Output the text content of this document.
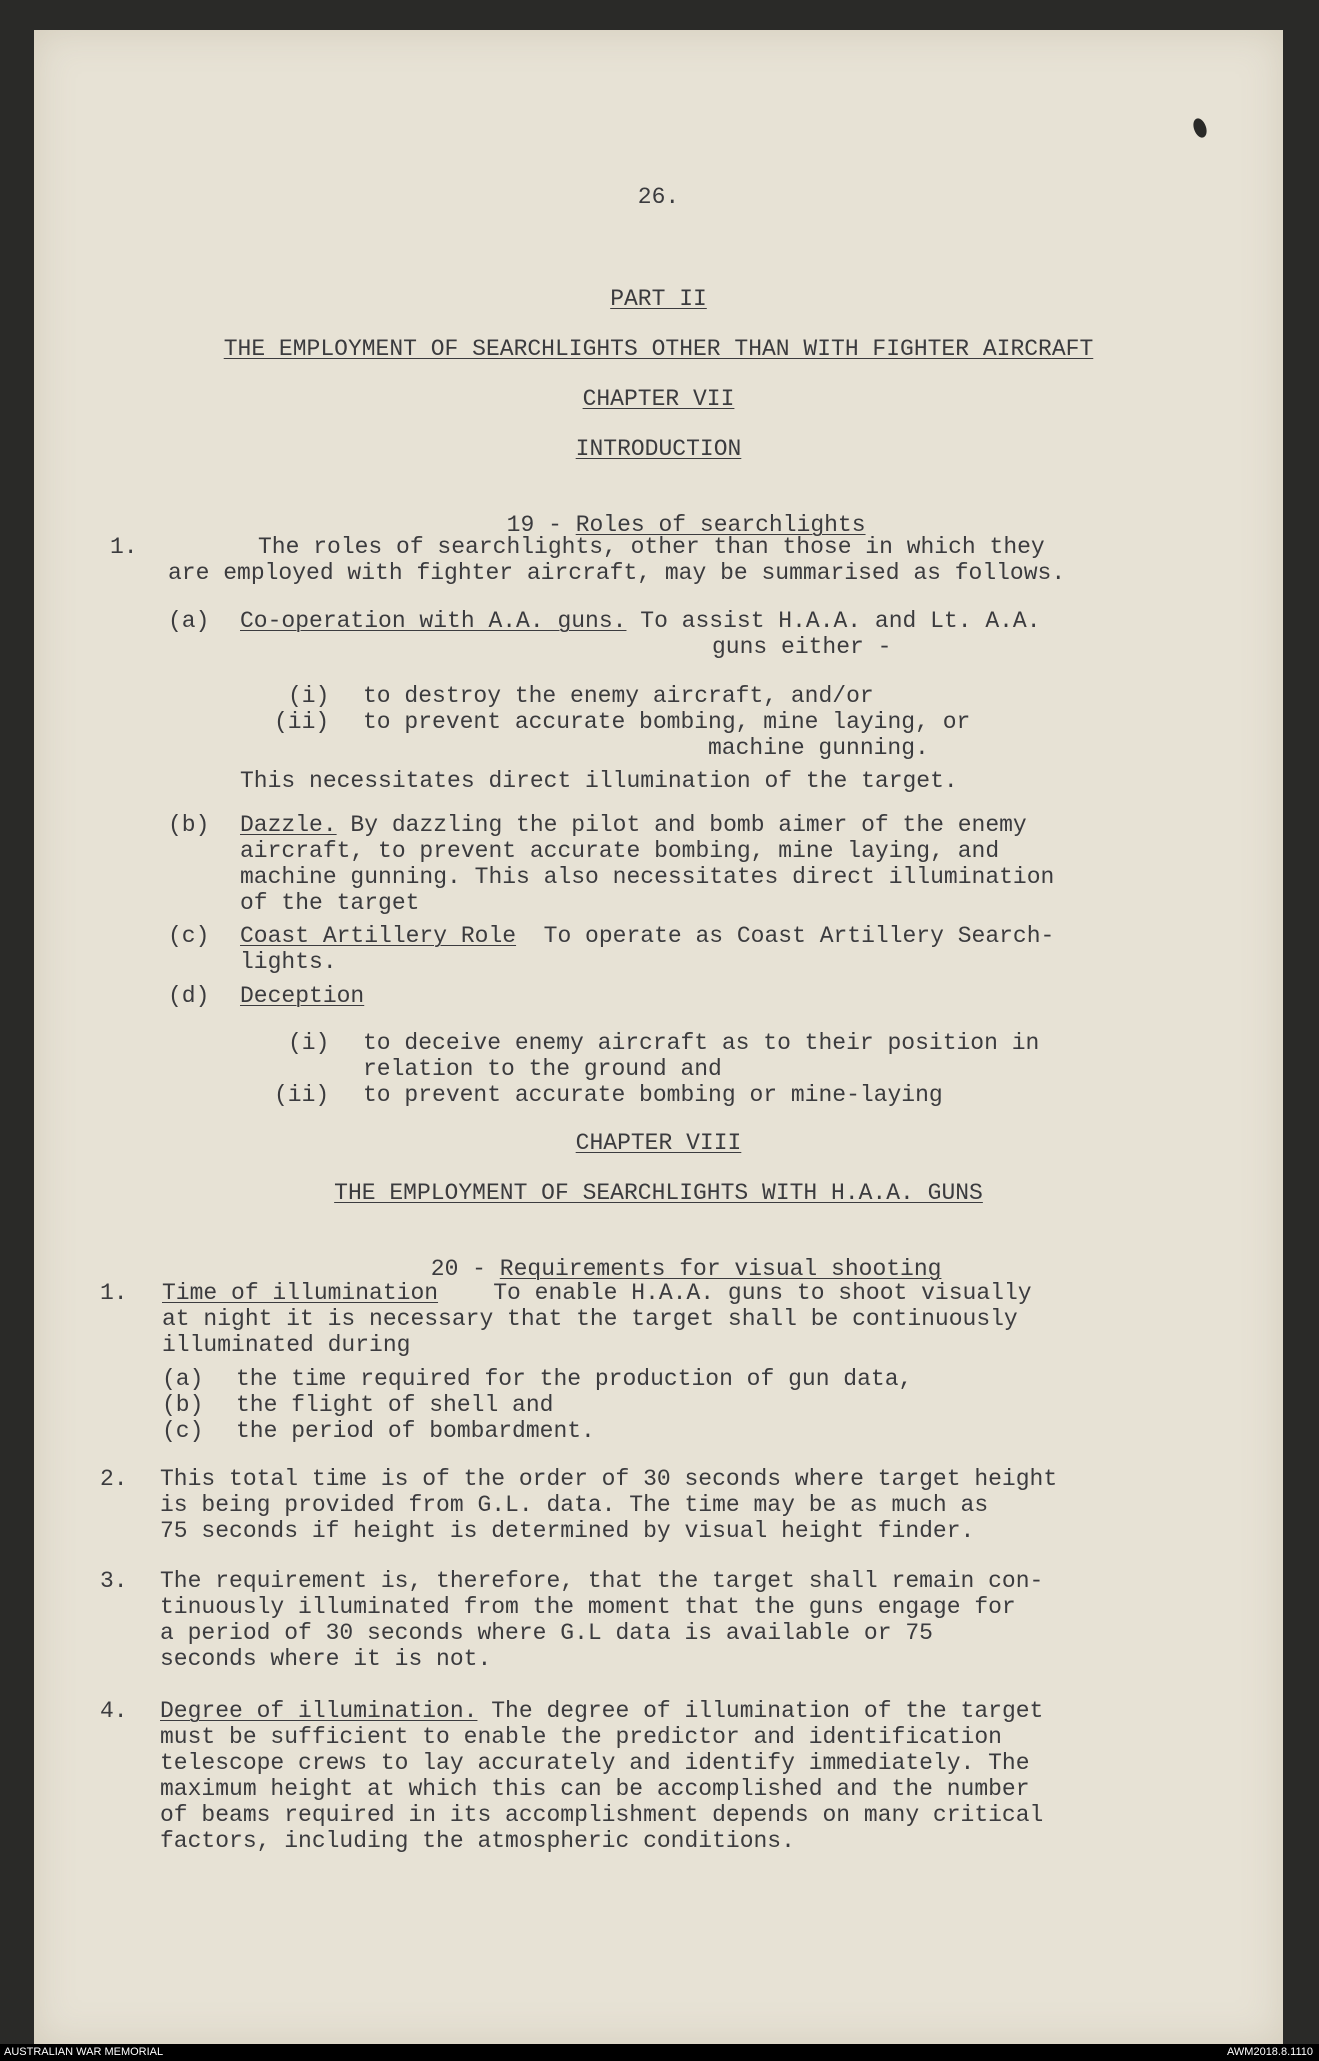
26.
PART II
THE EMPLOYMENT OF SEARCHLIGHTS OTHER THAN WITH FIGHTER AIRCRAFT
CHAPTER VII
INTRODUCTION

19 - Roles of searchlights

1.	The roles of searchlights, other than those in which they
are employed with fighter aircraft, may be summarised as follows.
(a) Co-operation with A.A. guns. To assist H.A.A. and Lt. A.A.
guns either -
(i) to destroy the enemy aircraft, and/or
(ii) to prevent accurate bombing, mine laying, or
machine gunning.
This necessitates direct illumination of the target.
(b) Dazzle. By dazzling the pilot and bomb aimer of the enemy
aircraft, to prevent accurate bombing, mine laying, and
machine gunning. This also necessitates direct illumination
of the target
(c) Coast Artillery Role  To operate as Coast Artillery Search-
lights.
(d) Deception
(i) to deceive enemy aircraft as to their position in
relation to the ground and
(ii) to prevent accurate bombing or mine-laying
CHAPTER VIII
THE EMPLOYMENT OF SEARCHLIGHTS WITH H.A.A. GUNS

20 - Requirements for visual shooting

1. Time of illumination    To enable H.A.A. guns to shoot visually
at night it is necessary that the target shall be continuously
illuminated during
(a) the time required for the production of gun data,
(b) the flight of shell and
(c) the period of bombardment.
2. This total time is of the order of 30 seconds where target height
is being provided from G.L. data. The time may be as much as
75 seconds if height is determined by visual height finder.
3. The requirement is, therefore, that the target shall remain con-
tinuously illuminated from the moment that the guns engage for
a period of 30 seconds where G.L data is available or 75
seconds where it is not.
4. Degree of illumination. The degree of illumination of the target
must be sufficient to enable the predictor and identification
telescope crews to lay accurately and identify immediately. The
maximum height at which this can be accomplished and the number
of beams required in its accomplishment depends on many critical
factors, including the atmospheric conditions.
AUSTRALIAN WAR MEMORIAL	AWM2018.8.1110
